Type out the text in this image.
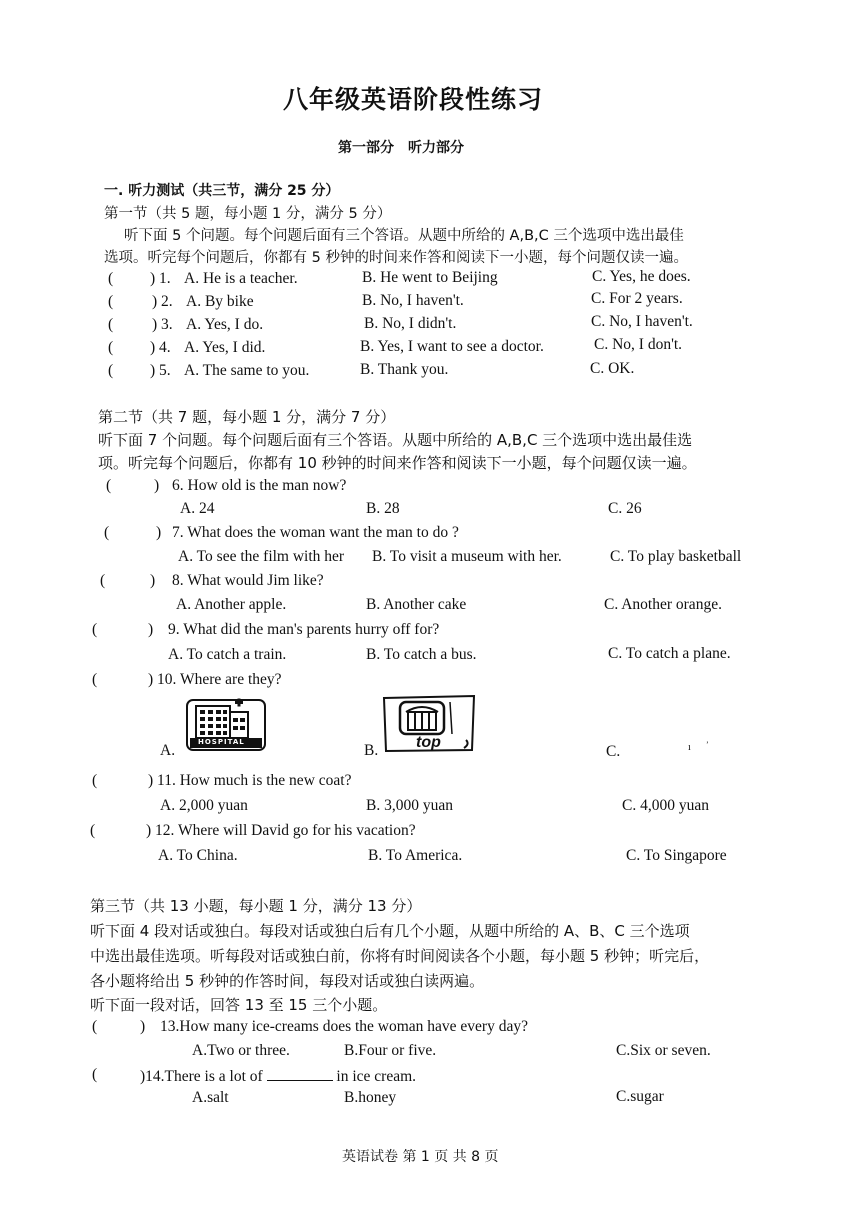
八年级英语阶段性练习
第一部分　听力部分
一. 听力测试（共三节，满分 25 分）
第一节（共 5 题，每小题 1 分，满分 5 分）
听下面 5 个问题。每个问题后面有三个答语。从题中所给的 A,B,C 三个选项中选出最佳
选项。听完每个问题后，你都有 5 秒钟的时间来作答和阅读下一小题，每个问题仅读一遍。
( ) 1. A. He is a teacher.	B. He went to Beijing	C. Yes, he does.
(	) 2. A. By bike	B. No, I haven't.	C. For 2 years.
(	) 3. A. Yes, I do.	B. No, I didn't.	C. No, I haven't.
( ) 4. A. Yes, I did.	B. Yes, I want to see a doctor.	C. No, I don't.
( ) 5. A. The same to you.	B. Thank you.	C. OK.
第二节（共 7 题，每小题 1 分，满分 7 分）
听下面 7 个问题。每个问题后面有三个答语。从题中所给的 A,B,C 三个选项中选出最佳选
项。听完每个问题后，你都有 10 秒钟的时间来作答和阅读下一小题，每个问题仅读一遍。
(	) 6. How old is the man now?
A. 24	B. 28	C. 26
(	) 7. What does the woman want the man to do ?
A. To see the film with her B. To visit a museum with her.	C. To play basketball
(	) 8. What would Jim like?
A. Another apple.	B. Another cake	C. Another orange.
(	) 9. What did the man's parents hurry off for?
A. To catch a train.	B. To catch a bus.	C. To catch a plane.
(	) 10. Where are they?
A.	HOSPITAL	B. top
C.	ı ʼ
(	) 11. How much is the new coat?
A. 2,000 yuan	B. 3,000 yuan	C. 4,000 yuan
(	) 12. Where will David go for his vacation?
A. To China.	B. To America.	C. To Singapore
第三节（共 13 小题，每小题 1 分，满分 13 分）
听下面 4 段对话或独白。每段对话或独白后有几个小题，从题中所给的 A、B、C 三个选项
中选出最佳选项。听每段对话或独白前，你将有时间阅读各个小题，每小题 5 秒钟；听完后，
各小题将给出 5 秒钟的作答时间，每段对话或独白读两遍。
听下面一段对话，回答 13 至 15 三个小题。
(	) 13.How many ice-creams does the woman have every day?
A.Two or three.	B.Four or five.	C.Six or seven.
(	)14.There is a lot of	in ice cream.
A.salt	B.honey	C.sugar
英语试卷 第 1 页 共 8 页
